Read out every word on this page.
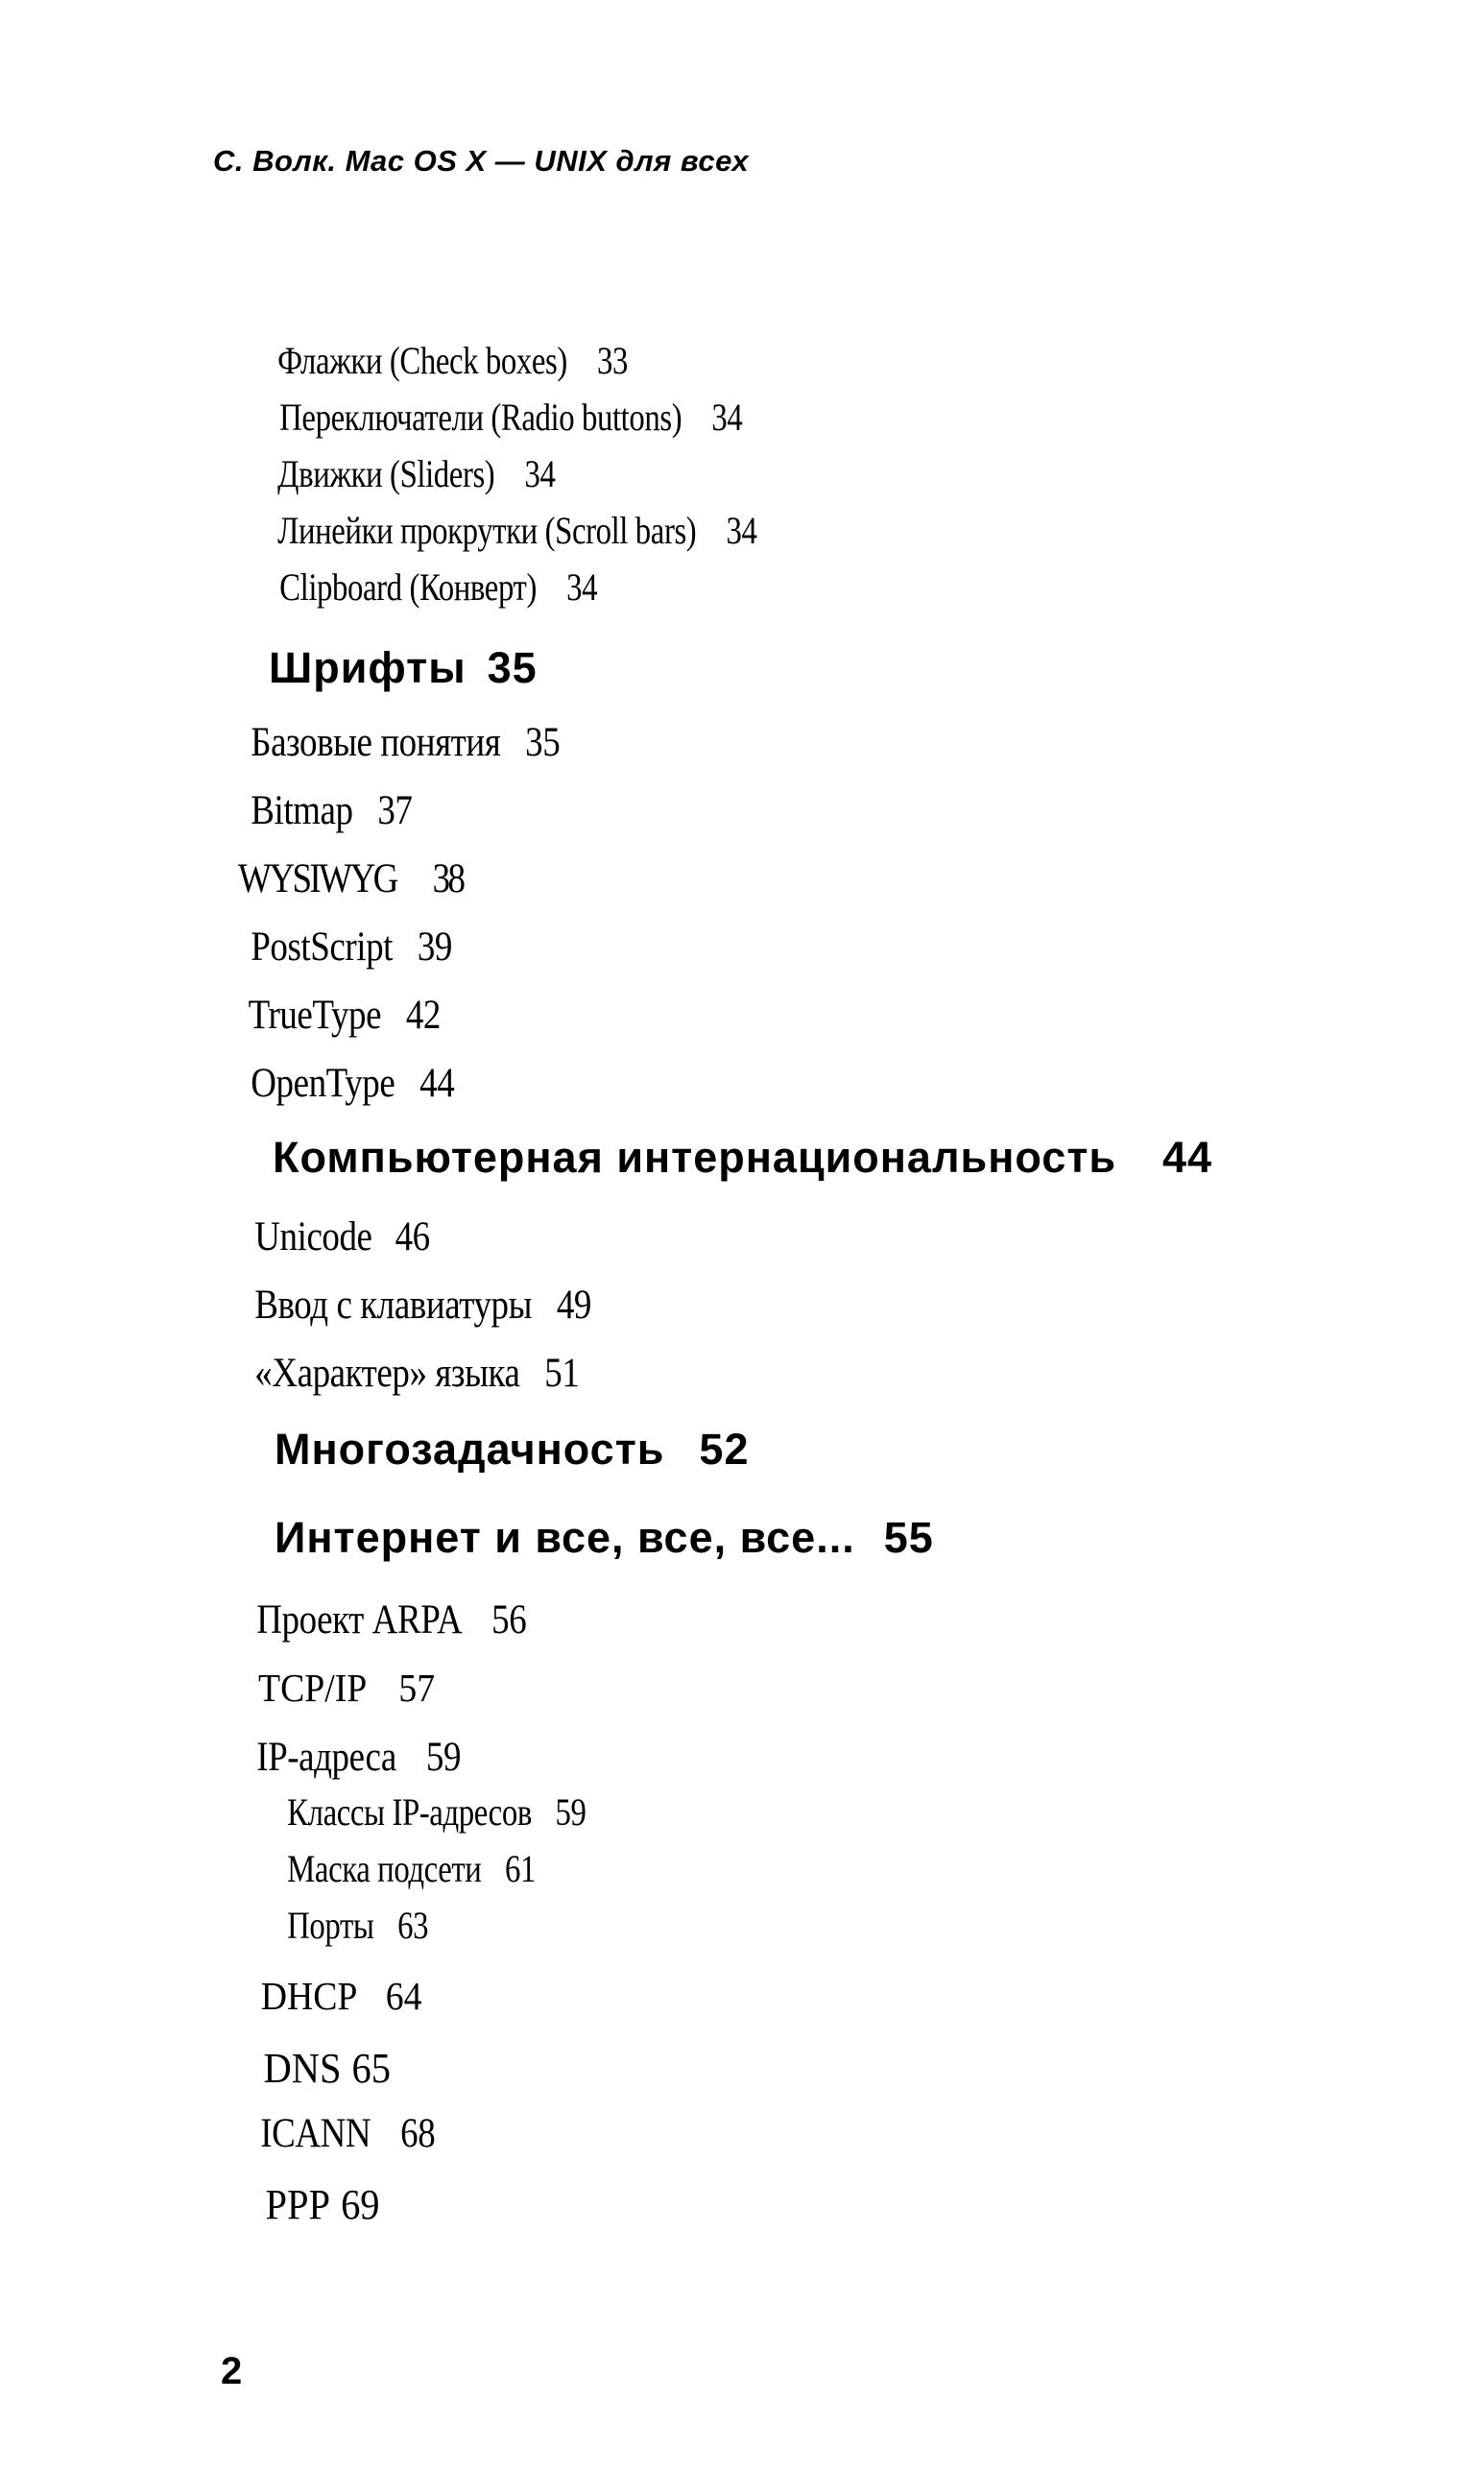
С. Волк. Mac OS X — UNIX для всех

Флажки (Check boxes) 33

Переключатели (Radio buttons) 34

Движки (Sliders) 34

Линейки прокрутки (Scroll bars) 34

Clipboard (Конверт) 34

Шрифты 35

Базовые понятия 35

Bitmap 37

WYSIWYG 38

PostScript 39

TrueType 42

OpenType 44

Компьютерная интернациональность 44

Unicode 46

Ввод с клавиатуры 49

«Характер» языка 51

Многозадачность 52

Интернет и все, все, все... 55

Проект ARPA 56

TCP/IP 57

IP-адреса 59

Классы IP-адресов 59

Маска подсети 61

Порты 63

DHCP 64

DNS 65

ICANN 68

PPP 69

2
